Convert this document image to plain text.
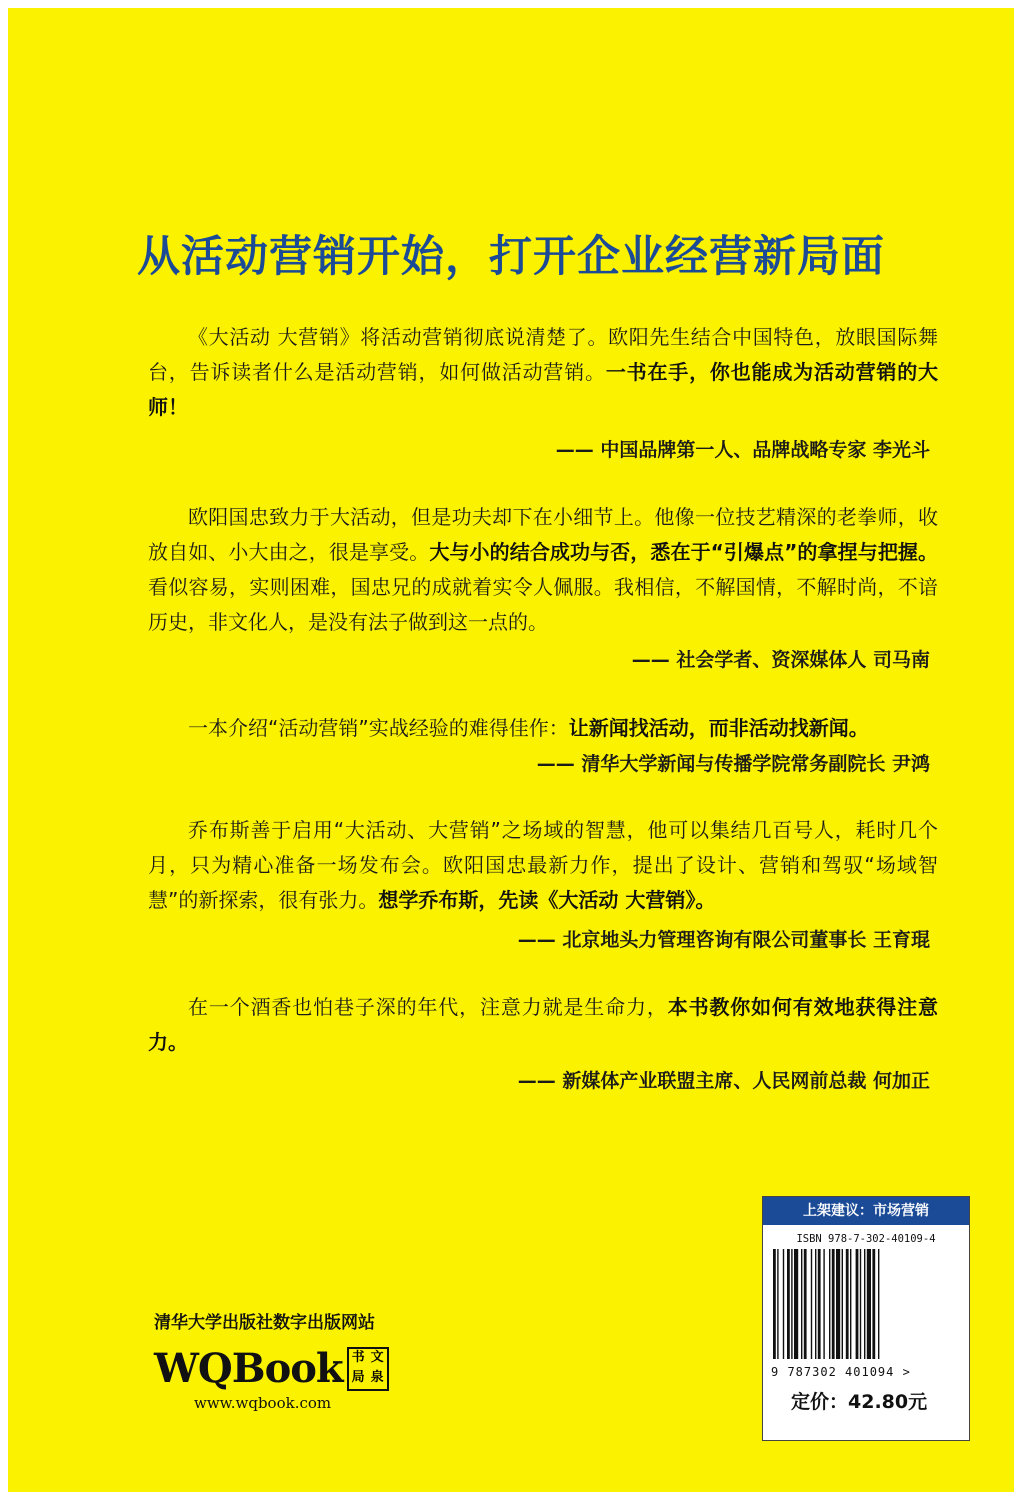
从活动营销开始，打开企业经营新局面
《大活动 大营销》将活动营销彻底说清楚了。欧阳先生结合中国特色，放眼国际舞台，告诉读者什么是活动营销，如何做活动营销。一书在手，你也能成为活动营销的大师！
—— 中国品牌第一人、品牌战略专家 李光斗
欧阳国忠致力于大活动，但是功夫却下在小细节上。他像一位技艺精深的老拳师，收放自如、小大由之，很是享受。大与小的结合成功与否，悉在于“引爆点”的拿捏与把握。看似容易，实则困难，国忠兄的成就着实令人佩服。我相信，不解国情，不解时尚，不谙历史，非文化人，是没有法子做到这一点的。
—— 社会学者、资深媒体人 司马南
一本介绍“活动营销”实战经验的难得佳作：让新闻找活动，而非活动找新闻。
—— 清华大学新闻与传播学院常务副院长 尹鸿
乔布斯善于启用“大活动、大营销”之场域的智慧，他可以集结几百号人，耗时几个月，只为精心准备一场发布会。欧阳国忠最新力作，提出了设计、营销和驾驭“场域智慧”的新探索，很有张力。想学乔布斯，先读《大活动 大营销》。
—— 北京地头力管理咨询有限公司董事长 王育琨
在一个酒香也怕巷子深的年代，注意力就是生命力，本书教你如何有效地获得注意力。
—— 新媒体产业联盟主席、人民网前总裁 何加正
清华大学出版社数字出版网站
WQBook 书 文
局 泉
www.wqbook.com
上架建议：市场营销
ISBN 978-7-302-40109-4
9 787302 401094 >
定价：42.80元
